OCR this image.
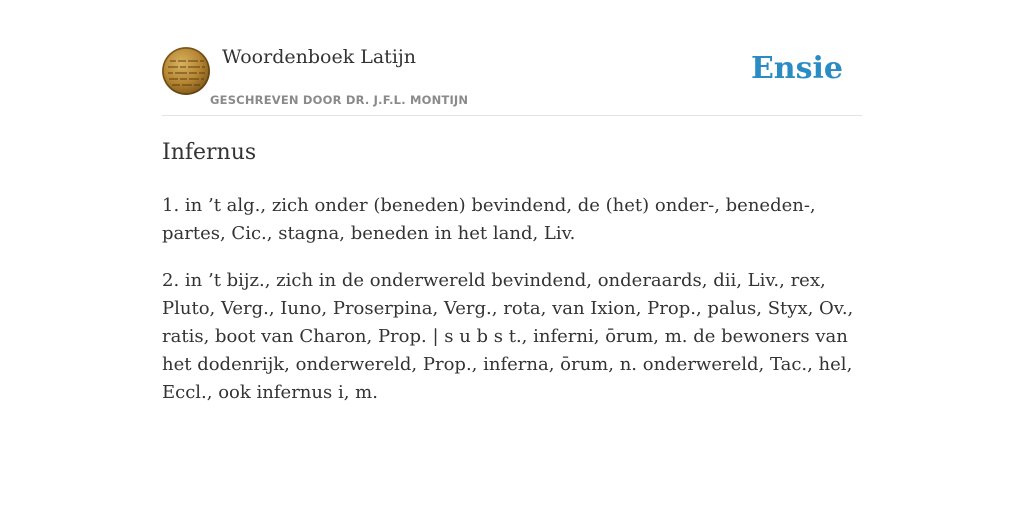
Woordenboek Latijn
GESCHREVEN DOOR DR. J.F.L. MONTIJN
Ensie
Infernus

1. in ’t alg., zich onder (beneden) bevindend, de (het) onder-, beneden-, partes, Cic., stagna, beneden in het land, Liv.

2. in ’t bijz., zich in de onderwereld bevindend, onderaards, dii, Liv., rex, Pluto, Verg., Iuno, Proserpina, Verg., rota, van Ixion, Prop., palus, Styx, Ov., ratis, boot van Charon, Prop. | s u b s t., inferni, ōrum, m. de bewoners van het dodenrijk, onderwereld, Prop., inferna, ōrum, n. onderwereld, Tac., hel, Eccl., ook infernus i, m.
